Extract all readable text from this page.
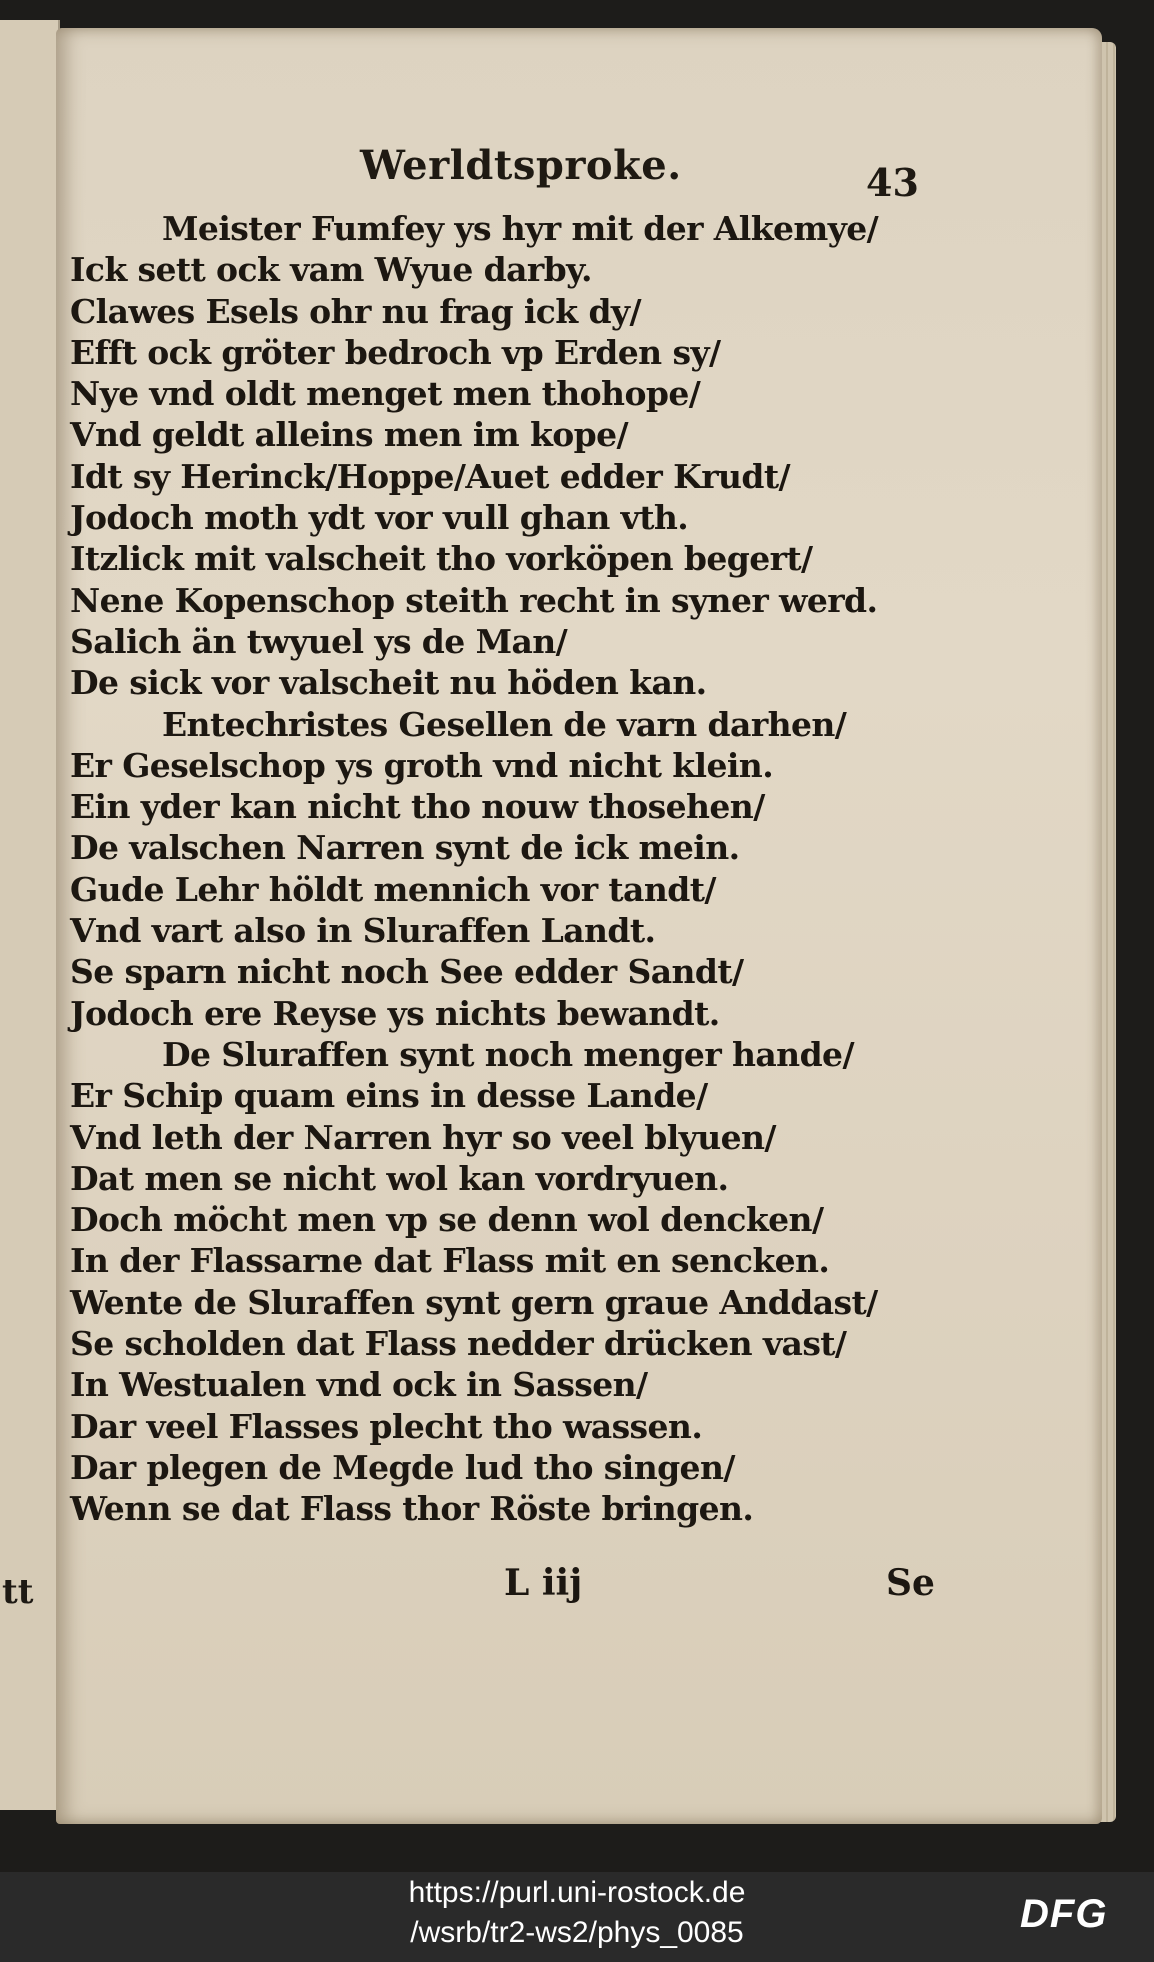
tt
Werldtsproke.	43
Meister Fumfey ys hyr mit der Alkemye/
Ick sett ock vam Wyue darby.
Clawes Esels ohr nu frag ick dy/
Efft ock gröter bedroch vp Erden sy/
Nye vnd oldt menget men thohope/
Vnd geldt alleins men im kope/
Idt sy Herinck/Hoppe/Auet edder Krudt/
Jodoch moth ydt vor vull ghan vth.
Itzlick mit valscheit tho vorköpen begert/
Nene Kopenschop steith recht in syner werd.
Salich än twyuel ys de Man/
De sick vor valscheit nu höden kan.
Entechristes Gesellen de varn darhen/
Er Geselschop ys groth vnd nicht klein.
Ein yder kan nicht tho nouw thosehen/
De valschen Narren synt de ick mein.
Gude Lehr höldt mennich vor tandt/
Vnd vart also in Sluraffen Landt.
Se sparn nicht noch See edder Sandt/
Jodoch ere Reyse ys nichts bewandt.
De Sluraffen synt noch menger hande/
Er Schip quam eins in desse Lande/
Vnd leth der Narren hyr so veel blyuen/
Dat men se nicht wol kan vordryuen.
Doch möcht men vp se denn wol dencken/
In der Flassarne dat Flass mit en sencken.
Wente de Sluraffen synt gern graue Anddast/
Se scholden dat Flass nedder drücken vast/
In Westualen vnd ock in Sassen/
Dar veel Flasses plecht tho wassen.
Dar plegen de Megde lud tho singen/
Wenn se dat Flass thor Röste bringen.
L iij	Se
https://purl.uni-rostock.de
/wsrb/tr2-ws2/phys_0085	DFG
